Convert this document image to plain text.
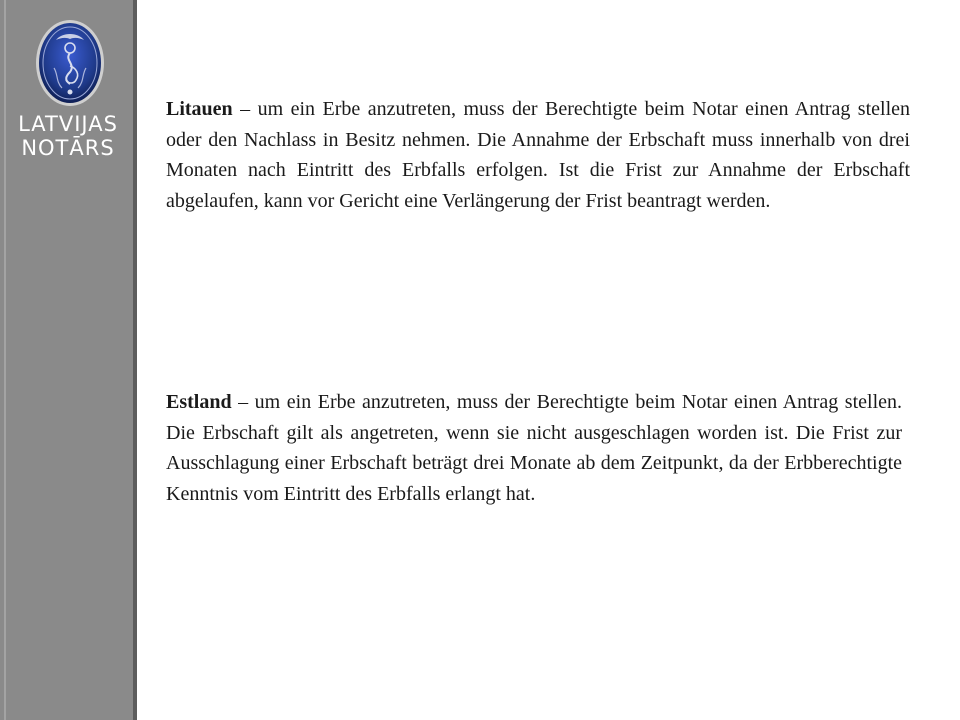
LATVIJAS
NOTĀRS

Litauen – um ein Erbe anzutreten, muss der Berechtigte beim Notar einen Antrag stellen oder den Nachlass in Besitz nehmen. Die Annahme der Erbschaft muss innerhalb von drei Monaten nach Eintritt des Erbfalls erfolgen. Ist die Frist zur Annahme der Erbschaft abgelaufen, kann vor Gericht eine Verlängerung der Frist beantragt werden.

Estland – um ein Erbe anzutreten, muss der Berechtigte beim Notar einen Antrag stellen. Die Erbschaft gilt als angetreten, wenn sie nicht ausgeschlagen worden ist. Die Frist zur Ausschlagung einer Erbschaft beträgt drei Monate ab dem Zeitpunkt, da der Erbberechtigte Kenntnis vom Eintritt des Erbfalls erlangt hat.
